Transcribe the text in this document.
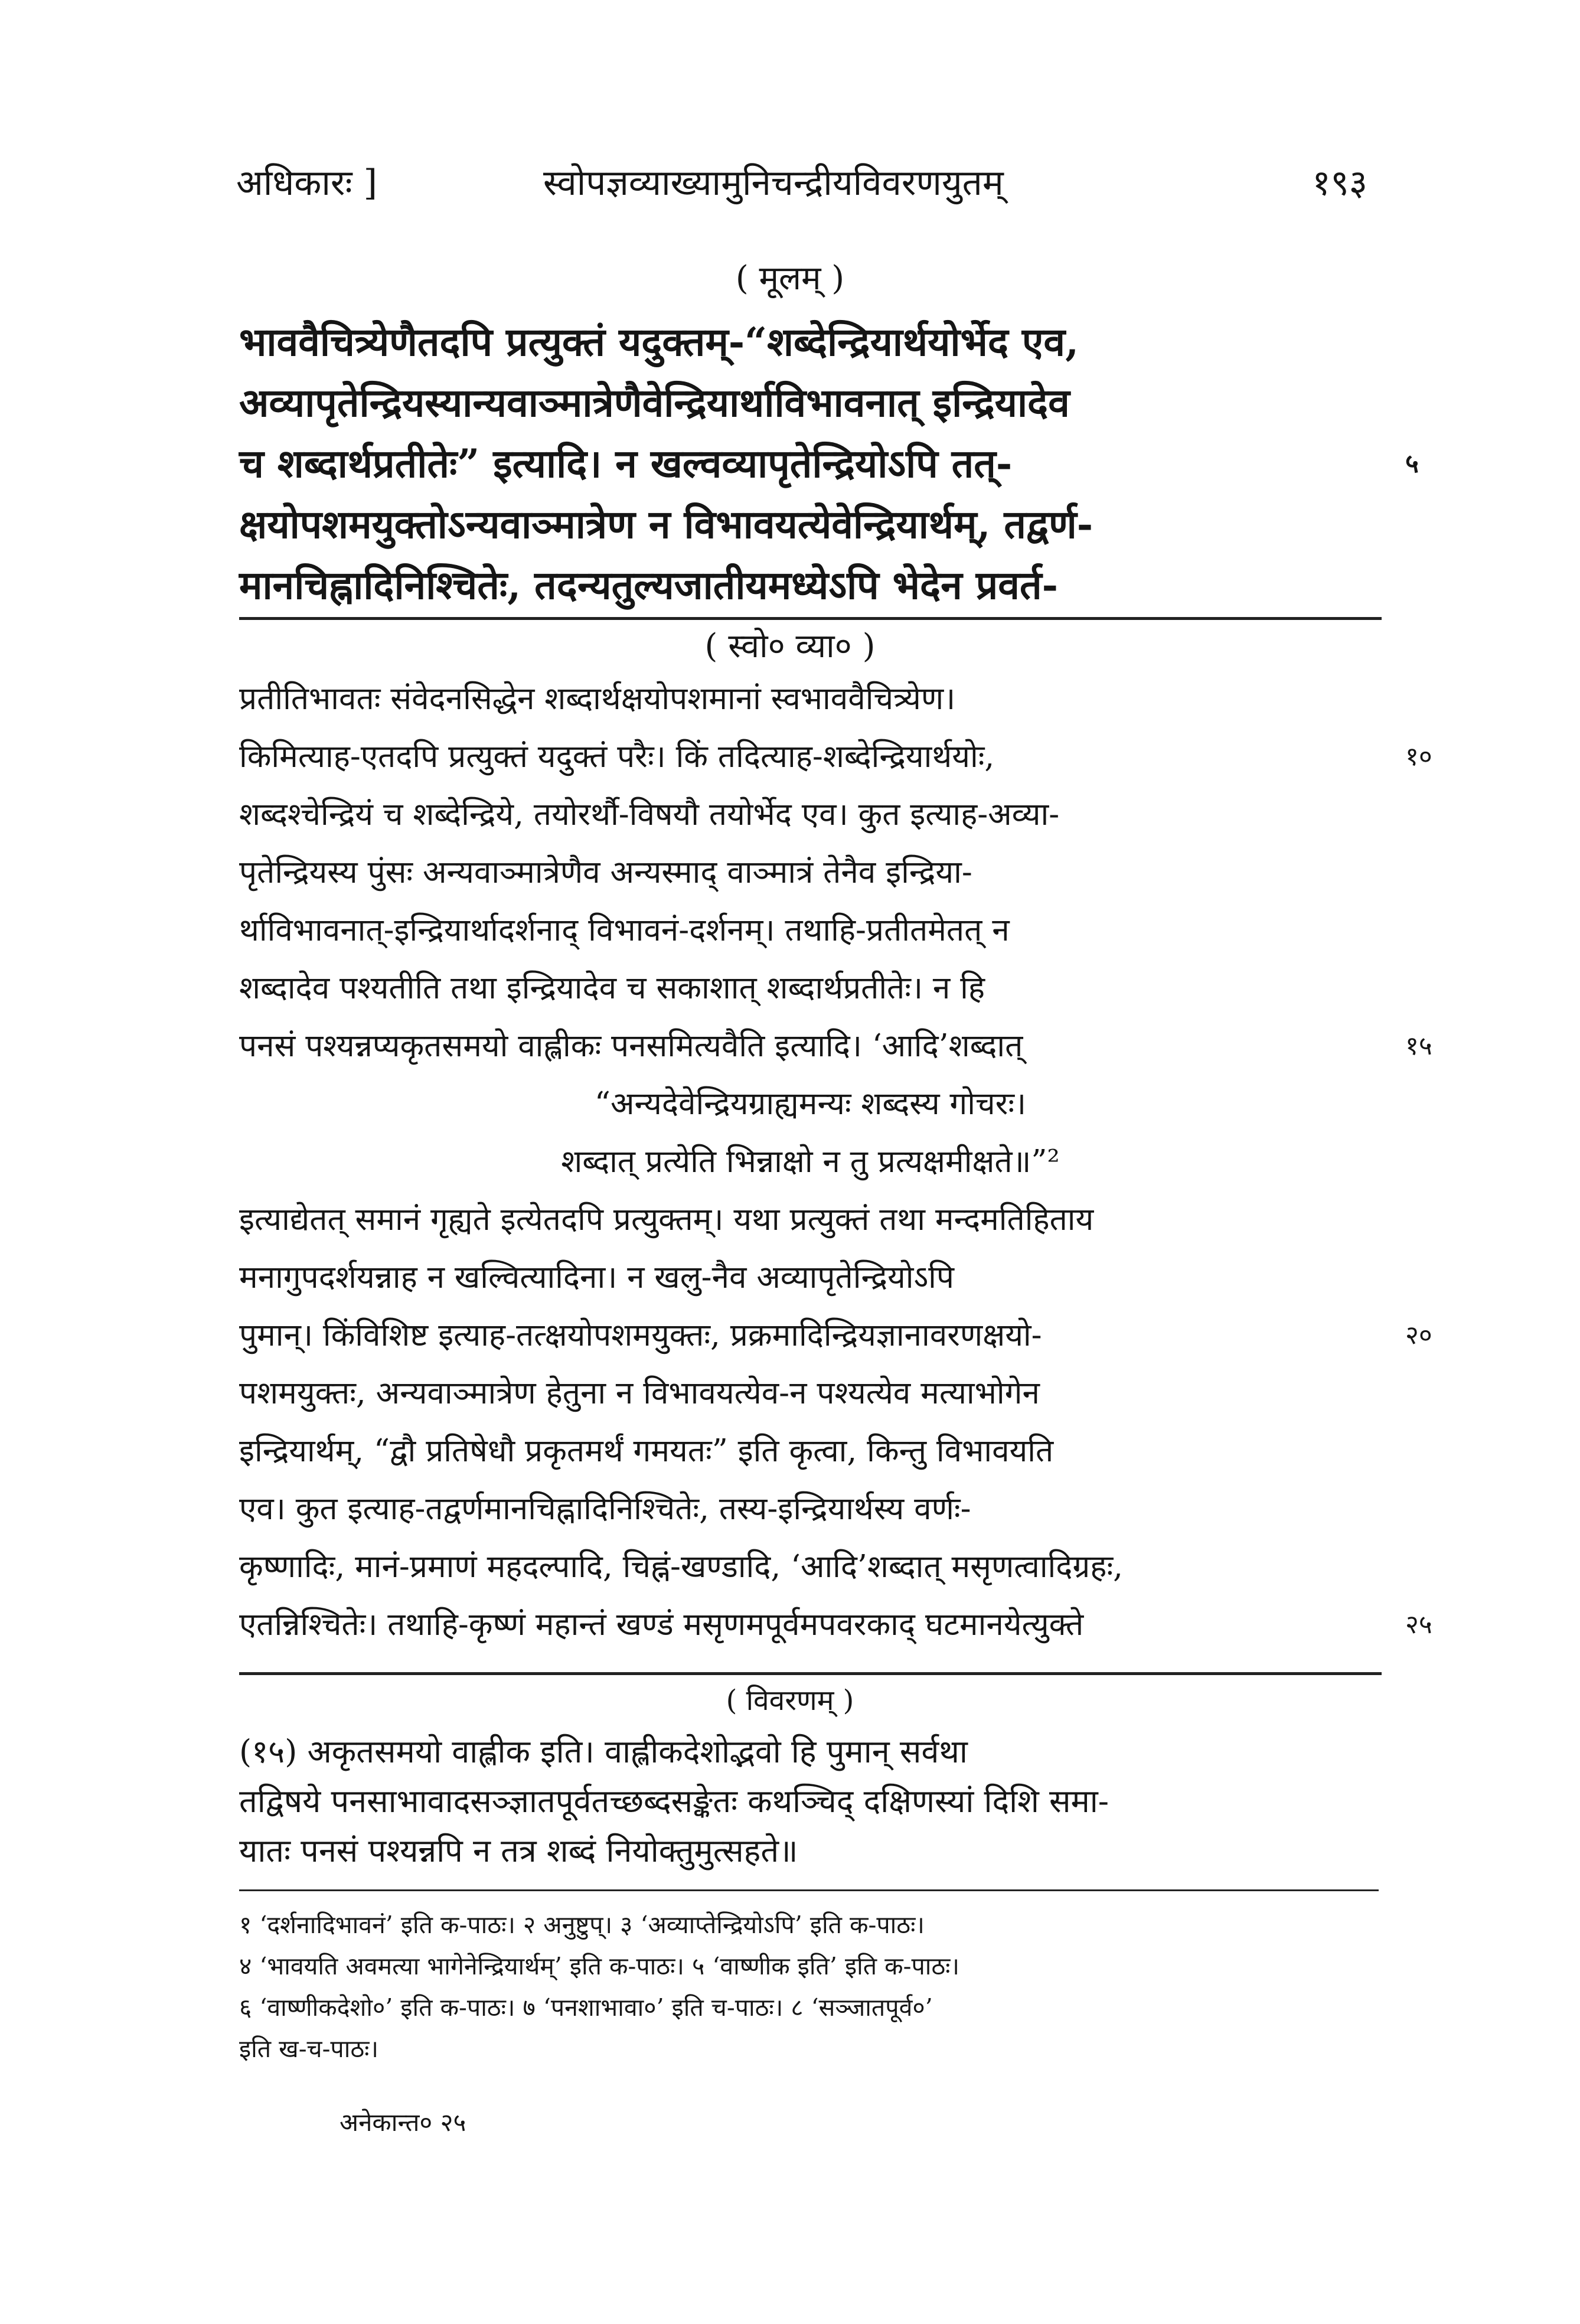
अधिकारः ]	स्वोपज्ञव्याख्यामुनिचन्द्रीयविवरणयुतम्	१९३
( मूलम् )
भाववैचित्र्येणैतदपि प्रत्युक्तं यदुक्तम्-“शब्देन्द्रियार्थयोर्भेद एव,
अव्यापृतेन्द्रियस्यान्यवाञ्मात्रेणैवेन्द्रियार्थाविभावनात् इन्द्रियादेव
च शब्दार्थप्रतीतेः” इत्यादि। न खल्वव्यापृतेन्द्रियोऽपि तत्-	५
क्षयोपशमयुक्तोऽन्यवाञ्मात्रेण न विभावयत्येवेन्द्रियार्थम्, तद्वर्ण-
मानचिह्नादिनिश्चितेः, तदन्यतुल्यजातीयमध्येऽपि भेदेन प्रवर्त-
( स्वो० व्या० )
प्रतीतिभावतः संवेदनसिद्धेन शब्दार्थक्षयोपशमानां स्वभाववैचित्र्येण।
किमित्याह-एतदपि प्रत्युक्तं यदुक्तं परैः। किं तदित्याह-शब्देन्द्रियार्थयोः,	१०
शब्दश्चेन्द्रियं च शब्देन्द्रिये, तयोरर्थौ-विषयौ तयोर्भेद एव। कुत इत्याह-अव्या-
पृतेन्द्रियस्य पुंसः अन्यवाञ्मात्रेणैव अन्यस्माद् वाञ्मात्रं तेनैव इन्द्रिया-
र्थाविभावनात्-इन्द्रियार्थादर्शनाद् विभावनं-दर्शनम्। तथाहि-प्रतीतमेतत् न
शब्दादेव पश्यतीति तथा इन्द्रियादेव च सकाशात् शब्दार्थप्रतीतेः। न हि
पनसं पश्यन्नप्यकृतसमयो वाह्लीकः पनसमित्यवैति इत्यादि। ‘आदि’शब्दात्	१५
“अन्यदेवेन्द्रियग्राह्यमन्यः शब्दस्य गोचरः।
शब्दात् प्रत्येति भिन्नाक्षो न तु प्रत्यक्षमीक्षते॥”²
इत्याद्येतत् समानं गृह्यते इत्येतदपि प्रत्युक्तम्। यथा प्रत्युक्तं तथा मन्दमतिहिताय
मनागुपदर्शयन्नाह न खल्वित्यादिना। न खलु-नैव अव्यापृतेन्द्रियोऽपि
पुमान्। किंविशिष्ट इत्याह-तत्क्षयोपशमयुक्तः, प्रक्रमादिन्द्रियज्ञानावरणक्षयो-	२०
पशमयुक्तः, अन्यवाञ्मात्रेण हेतुना न विभावयत्येव-न पश्यत्येव मत्याभोगेन
इन्द्रियार्थम्, “द्वौ प्रतिषेधौ प्रकृतमर्थं गमयतः” इति कृत्वा, किन्तु विभावयति
एव। कुत इत्याह-तद्वर्णमानचिह्नादिनिश्चितेः, तस्य-इन्द्रियार्थस्य वर्णः-
कृष्णादिः, मानं-प्रमाणं महदल्पादि, चिह्नं-खण्डादि, ‘आदि’शब्दात् मसृणत्वादिग्रहः,
एतन्निश्चितेः। तथाहि-कृष्णं महान्तं खण्डं मसृणमपूर्वमपवरकाद् घटमानयेत्युक्ते	२५
( विवरणम् )
(१५) अकृतसमयो वाह्लीक इति। वाह्लीकदेशोद्भवो हि पुमान् सर्वथा
तद्विषये पनसाभावादसञ्ज्ञातपूर्वतच्छब्दसङ्केतः कथञ्चिद् दक्षिणस्यां दिशि समा-
यातः पनसं पश्यन्नपि न तत्र शब्दं नियोक्तुमुत्सहते॥
१ ‘दर्शनादिभावनं’ इति क-पाठः। २ अनुष्टुप्। ३ ‘अव्याप्तेन्द्रियोऽपि’ इति क-पाठः।
४ ‘भावयति अवमत्या भागेनेन्द्रियार्थम्’ इति क-पाठः। ५ ‘वाष्णीक इति’ इति क-पाठः।
६ ‘वाष्णीकदेशो०’ इति क-पाठः। ७ ‘पनशाभावा०’ इति च-पाठः। ८ ‘सञ्जातपूर्व०’
इति ख-च-पाठः।
अनेकान्त० २५
